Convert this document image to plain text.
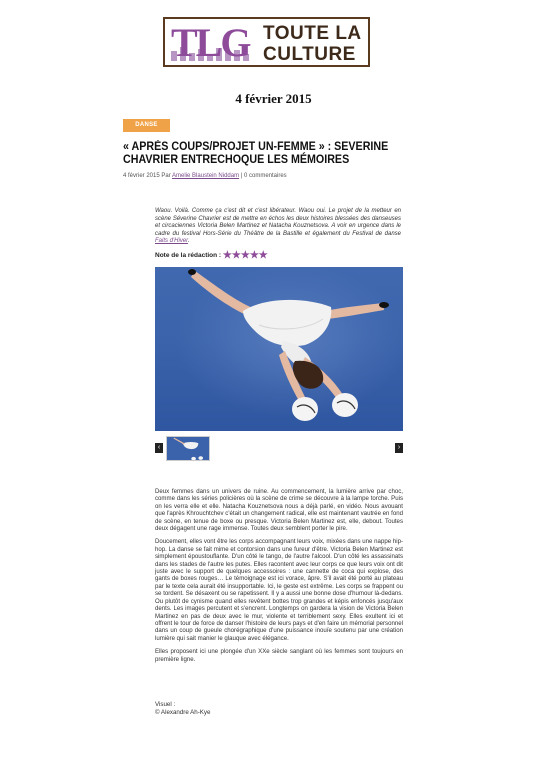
TLG TOUTE LA
CULTURE
4 février 2015
DANSE
« APRÈS COUPS/PROJET UN-FEMME » : SEVERINE CHAVRIER ENTRECHOQUE LES MÉMOIRES
4 février 2015 Par Amelie Blaustein Niddam | 0 commentaires
Waou. Voilà. Comme ça c'est dit et c'est libérateur. Waou oui. Le projet de la metteur en scène Séverine Chavrier est de mettre en échos les deux histoires blessées des danseuses et circaciennes Victoria Belen Martinez et Natacha Kouznetsova. A voir en urgence dans le cadre du festival Hors-Série du Théâtre de la Bastille et également du Festival de danse Faits d'Hiver.
Note de la rédaction : ★★★★★
‹	›

Deux femmes dans un univers de ruine. Au commencement, la lumière arrive par choc, comme dans les séries policières où la scène de crime se découvre à la lampe torche. Puis on les verra elle et elle. Natacha Kouznetsova nous a déjà parlé, en vidéo. Nous avouant que l'après Khrouchtchev c'était un changement radical, elle est maintenant vautrée en fond de scène, en tenue de boxe ou presque. Victoria Belen Martinez est, elle, debout. Toutes deux dégagent une rage immense. Toutes deux semblent porter le pire.

Doucement, elles vont être les corps accompagnant leurs voix, mixées dans une nappe hip-hop. La danse se fait mime et contorsion dans une fureur d'être. Victoria Belen Martinez est simplement époustouflante. D'un côté le tango, de l'autre l'alcool. D'un côté les assassinats dans les stades de l'autre les putes. Elles racontent avec leur corps ce que leurs voix ont dit juste avec le support de quelques accessoires : une cannette de coca qui explose, des gants de boxes rouges… Le témoignage est ici vorace, âpre. S'il avait été porté au plateau par le texte cela aurait été insupportable. Ici, le geste est extrême. Les corps se frappent ou se tordent. Se désaxent ou se rapetissent. Il y a aussi une bonne dose d'humour là-dedans. Ou plutôt de cynisme quand elles revêtent bottes trop grandes et képis enfoncés jusqu'aux dents. Les images percutent et s'encrent. Longtemps on gardera la vision de Victoria Belen Martinez en pas de deux avec le mur, violente et terriblement sexy. Elles exultent ici et offrent le tour de force de danser l'histoire de leurs pays et d'en faire un mémorial personnel dans un coup de gueule chorégraphique d'une puissance inouïe soutenu par une création lumière qui sait manier le glauque avec élégance.

Elles proposent ici une plongée d'un XXe siècle sanglant où les femmes sont toujours en première ligne.

Visuel :
© Alexandre Ah-Kye
